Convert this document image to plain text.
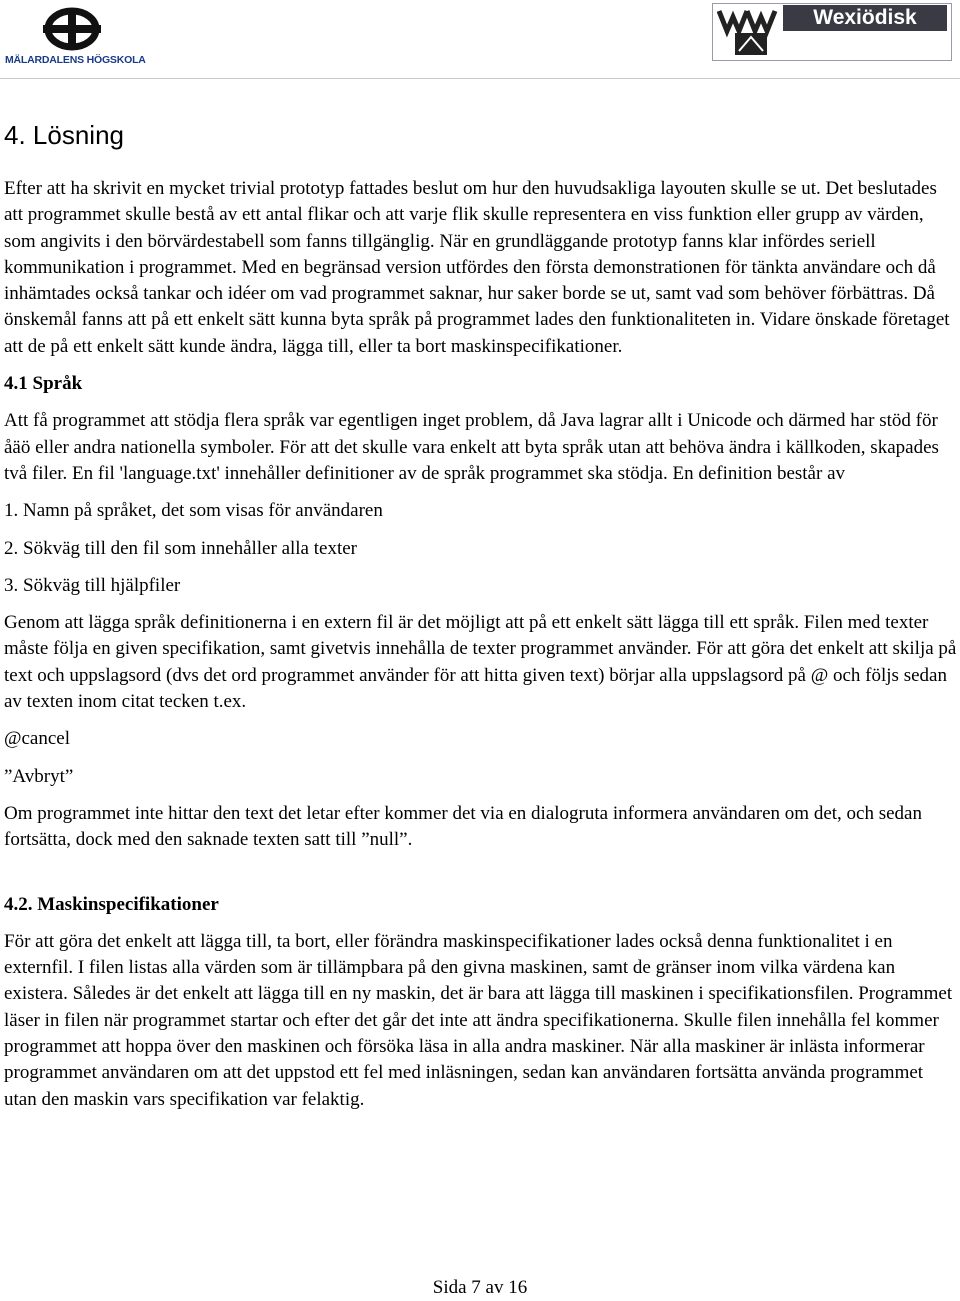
MÄLARDALENS HÖGSKOLA
Wexiödisk
4. Lösning

Efter att ha skrivit en mycket trivial prototyp fattades beslut om hur den huvudsakliga layouten skulle se ut. Det beslutades att programmet skulle bestå av ett antal flikar och att varje flik skulle representera en viss funktion eller grupp av värden, som angivits i den börvärdestabell som fanns tillgänglig. När en grundläggande prototyp fanns klar infördes seriell kommunikation i programmet. Med en begränsad version utfördes den första demonstrationen för tänkta användare och då inhämtades också tankar och idéer om vad programmet saknar, hur saker borde se ut, samt vad som behöver förbättras. Då önskemål fanns att på ett enkelt sätt kunna byta språk på programmet lades den funktionaliteten in. Vidare önskade företaget att de på ett enkelt sätt kunde ändra, lägga till, eller ta bort maskinspecifikationer.

4.1 Språk

Att få programmet att stödja flera språk var egentligen inget problem, då Java lagrar allt i Unicode och därmed har stöd för åäö eller andra nationella symboler. För att det skulle vara enkelt att byta språk utan att behöva ändra i källkoden, skapades två filer. En fil 'language.txt' innehåller definitioner av de språk programmet ska stödja. En definition består av

1. Namn på språket, det som visas för användaren

2. Sökväg till den fil som innehåller alla texter

3. Sökväg till hjälpfiler

Genom att lägga språk definitionerna i en extern fil är det möjligt att på ett enkelt sätt lägga till ett språk. Filen med texter måste följa en given specifikation, samt givetvis innehålla de texter programmet använder. För att göra det enkelt att skilja på text och uppslagsord (dvs det ord programmet använder för att hitta given text) börjar alla uppslagsord på @ och följs sedan av texten inom citat tecken t.ex.

@cancel

”Avbryt”

Om programmet inte hittar den text det letar efter kommer det via en dialogruta informera användaren om det, och sedan fortsätta, dock med den saknade texten satt till ”null”.

4.2. Maskinspecifikationer

För att göra det enkelt att lägga till, ta bort, eller förändra maskinspecifikationer lades också denna funktionalitet i en externfil. I filen listas alla värden som är tillämpbara på den givna maskinen, samt de gränser inom vilka värdena kan existera. Således är det enkelt att lägga till en ny maskin, det är bara att lägga till maskinen i specifikationsfilen. Programmet läser in filen när programmet startar och efter det går det inte att ändra specifikationerna. Skulle filen innehålla fel kommer programmet att hoppa över den maskinen och försöka läsa in alla andra maskiner. När alla maskiner är inlästa informerar programmet användaren om att det uppstod ett fel med inläsningen, sedan kan användaren fortsätta använda programmet utan den maskin vars specifikation var felaktig.

Sida 7 av 16
